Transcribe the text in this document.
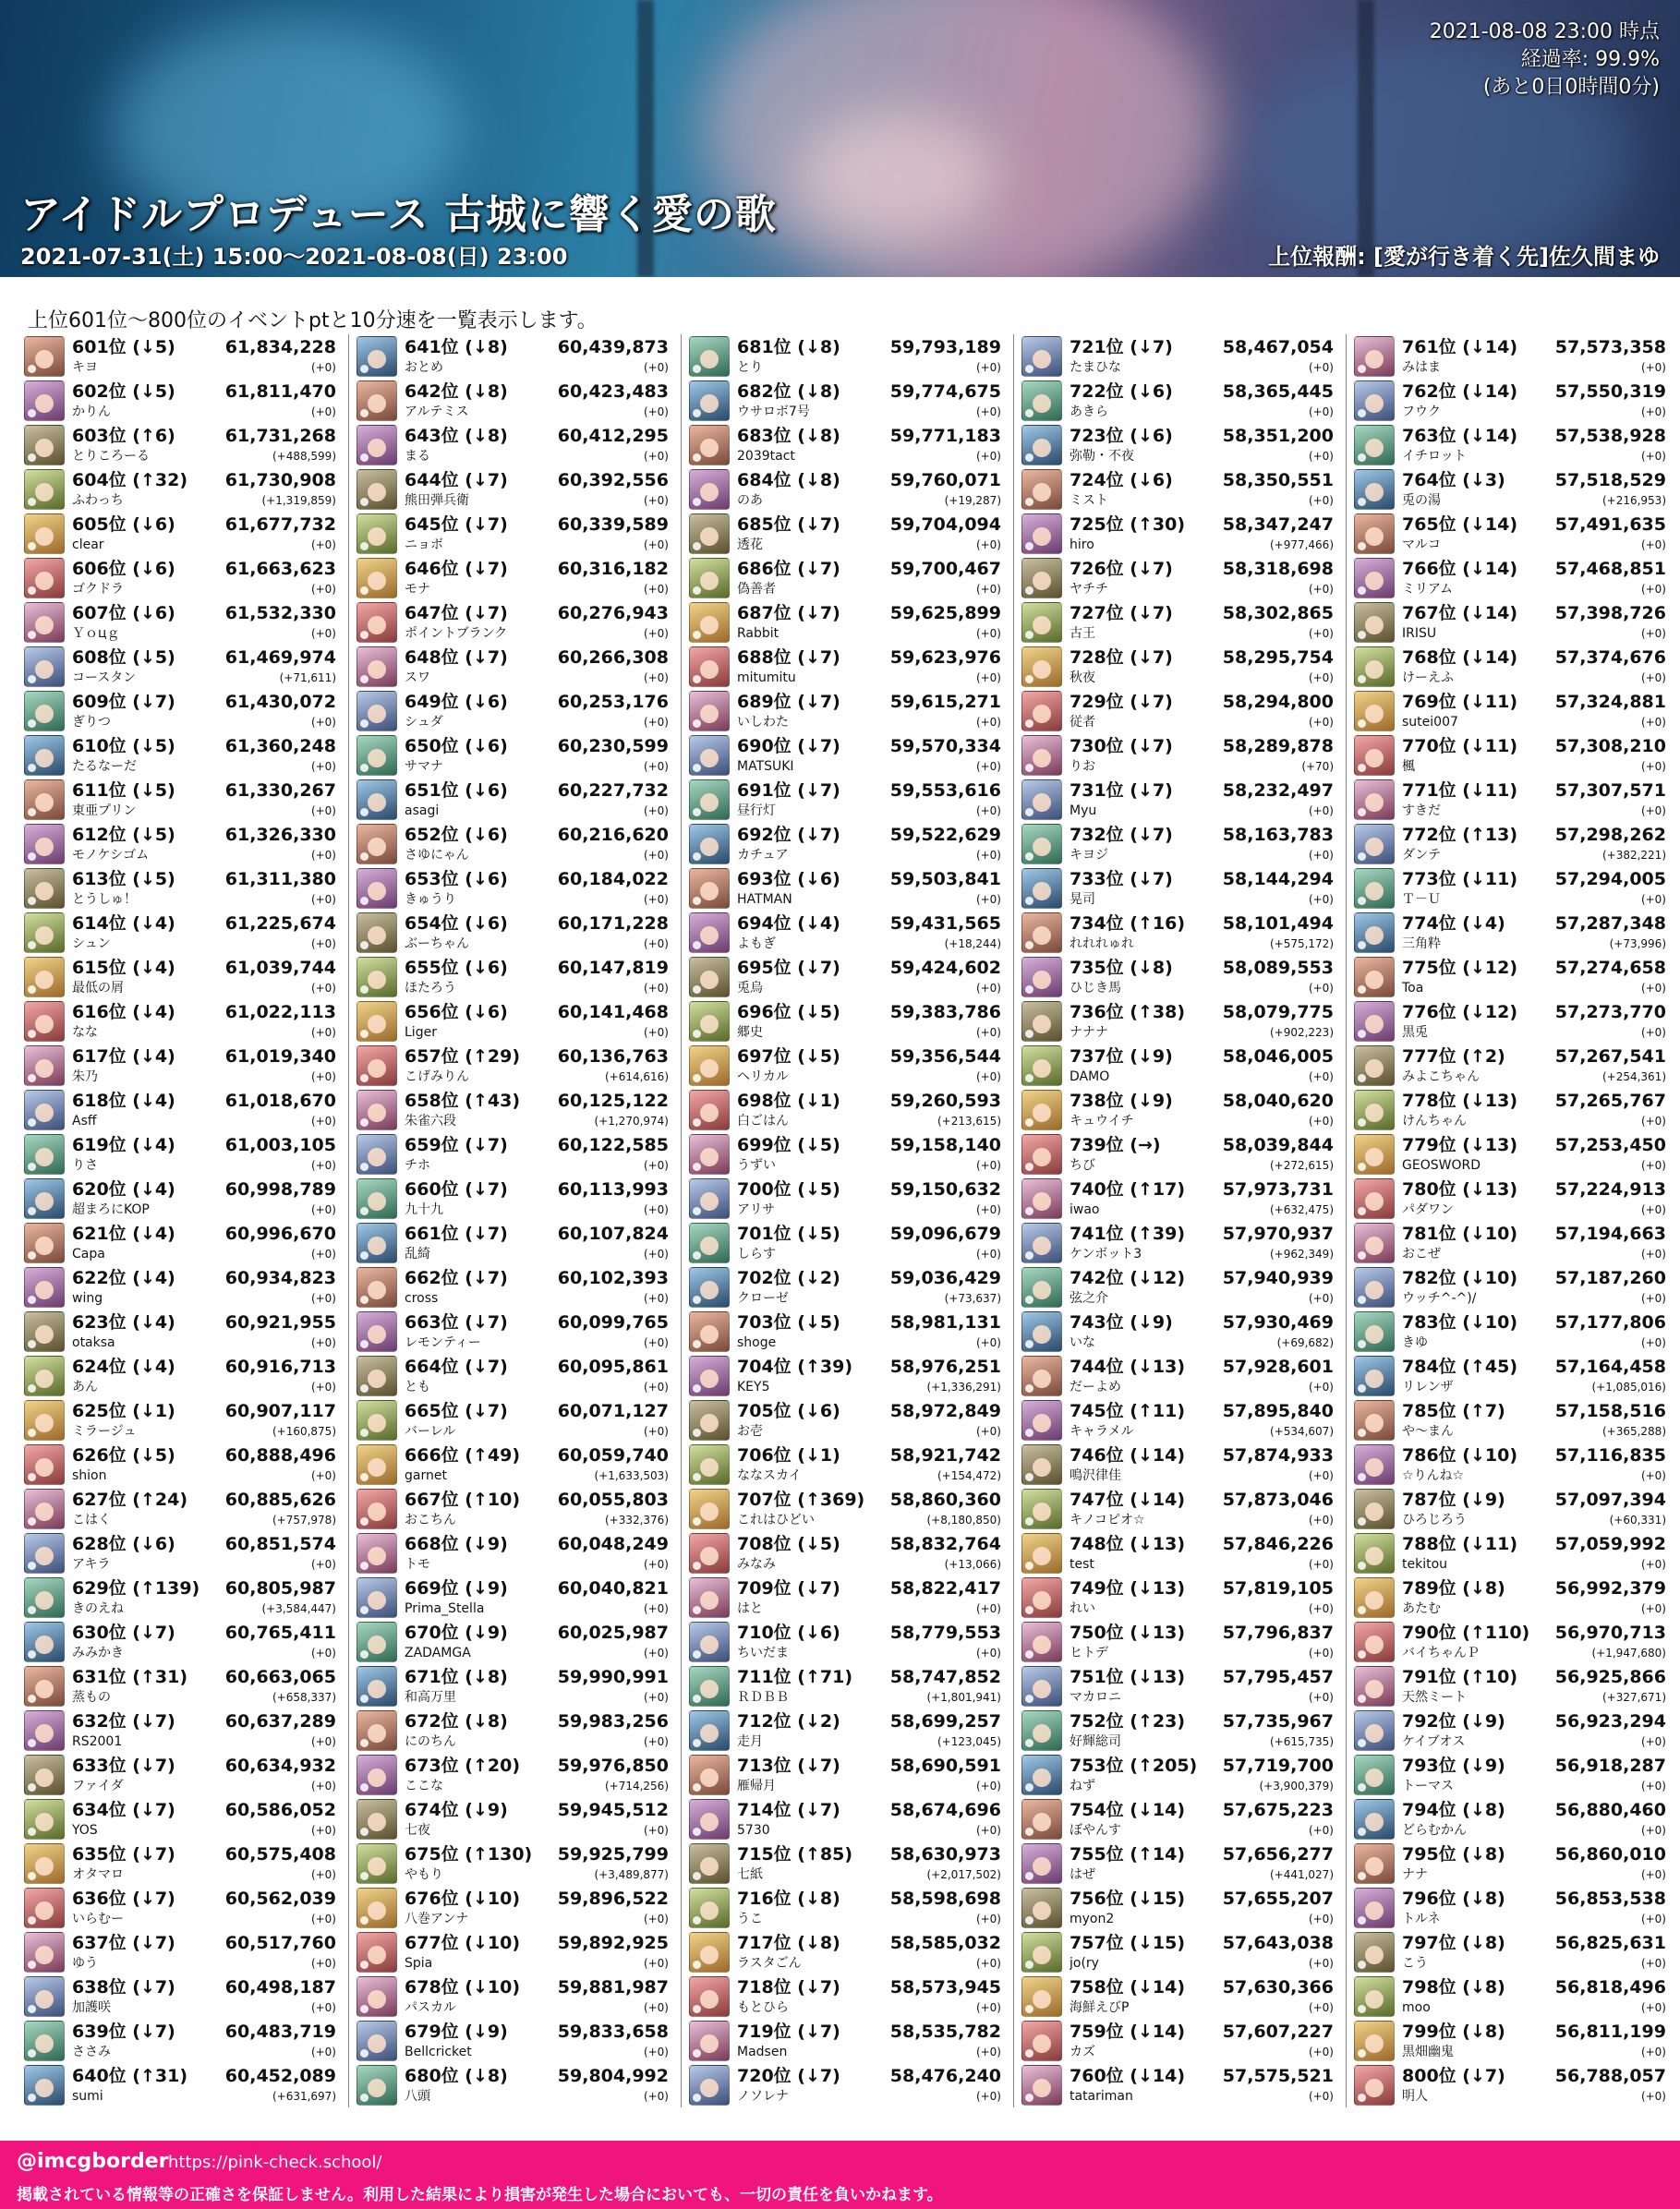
2021-08-08 23:00 時点
経過率: 99.9%
(あと0日0時間0分)
アイドルプロデュース 古城に響く愛の歌
2021-07-31(土) 15:00～2021-08-08(日) 23:00	上位報酬: [愛が行き着く先]佐久間まゆ
上位601位～800位のイベントptと10分速を一覧表示します。
601位 (↓5)	61,834,228
キヨ	(+0)
602位 (↓5)	61,811,470
かりん	(+0)
603位 (↑6)	61,731,268
とりころーる	(+488,599)
604位 (↑32) 61,730,908
ふわっち	(+1,319,859)
605位 (↓6)	61,677,732
clear	(+0)
606位 (↓6)	61,663,623
ゴクドラ	(+0)
607位 (↓6)	61,532,330
Ｙｏцｇ	(+0)
608位 (↓5)	61,469,974
コースタン	(+71,611)
609位 (↓7)	61,430,072
ぎりつ	(+0)
610位 (↓5)	61,360,248
たるなーだ	(+0)
611位 (↓5)	61,330,267
東亜プリン	(+0)
612位 (↓5)	61,326,330
モノケシゴム	(+0)
613位 (↓5)	61,311,380
とうしゅ！	(+0)
614位 (↓4)	61,225,674
シュン	(+0)
615位 (↓4)	61,039,744
最低の屑	(+0)
616位 (↓4)	61,022,113
なな	(+0)
617位 (↓4)	61,019,340
朱乃	(+0)
618位 (↓4)	61,018,670
Asff	(+0)
619位 (↓4)	61,003,105
りさ	(+0)
620位 (↓4)	60,998,789
超まろにKOP	(+0)
621位 (↓4)	60,996,670
Capa	(+0)
622位 (↓4)	60,934,823
wing	(+0)
623位 (↓4)	60,921,955
otaksa	(+0)
624位 (↓4)	60,916,713
あん	(+0)
625位 (↓1)	60,907,117
ミラージュ	(+160,875)
626位 (↓5)	60,888,496
shion	(+0)
627位 (↑24) 60,885,626
こはく	(+757,978)
628位 (↓6)	60,851,574
アキラ	(+0)
629位 (↑139) 60,805,987
きのえね	(+3,584,447)
630位 (↓7)	60,765,411
みみかき	(+0)
631位 (↑31) 60,663,065
蒸もの	(+658,337)
632位 (↓7)	60,637,289
RS2001	(+0)
633位 (↓7)	60,634,932
ファイダ	(+0)
634位 (↓7)	60,586,052
YOS	(+0)
635位 (↓7)	60,575,408
オタマロ	(+0)
636位 (↓7)	60,562,039
いらむー	(+0)
637位 (↓7)	60,517,760
ゆう	(+0)
638位 (↓7)	60,498,187
加護咲	(+0)
639位 (↓7)	60,483,719
ささみ	(+0)
640位 (↑31) 60,452,089
sumi	(+631,697)
641位 (↓8)	60,439,873
おとめ	(+0)
642位 (↓8)	60,423,483
アルテミス	(+0)
643位 (↓8)	60,412,295
まる	(+0)
644位 (↓7)	60,392,556
熊田弾兵衛	(+0)
645位 (↓7)	60,339,589
ニョボ	(+0)
646位 (↓7)	60,316,182
モナ	(+0)
647位 (↓7)	60,276,943
ポイントブランク	(+0)
648位 (↓7)	60,266,308
スワ	(+0)
649位 (↓6)	60,253,176
シュダ	(+0)
650位 (↓6)	60,230,599
サマナ	(+0)
651位 (↓6)	60,227,732
asagi	(+0)
652位 (↓6)	60,216,620
さゆにゃん	(+0)
653位 (↓6)	60,184,022
きゅうり	(+0)
654位 (↓6)	60,171,228
ぶーちゃん	(+0)
655位 (↓6)	60,147,819
ほたろう	(+0)
656位 (↓6)	60,141,468
Liger	(+0)
657位 (↑29) 60,136,763
こげみりん	(+614,616)
658位 (↑43) 60,125,122
朱雀六段	(+1,270,974)
659位 (↓7)	60,122,585
チホ	(+0)
660位 (↓7)	60,113,993
九十九	(+0)
661位 (↓7)	60,107,824
乱綺	(+0)
662位 (↓7)	60,102,393
cross	(+0)
663位 (↓7)	60,099,765
レモンティー	(+0)
664位 (↓7)	60,095,861
とも	(+0)
665位 (↓7)	60,071,127
バーレル	(+0)
666位 (↑49) 60,059,740
garnet	(+1,633,503)
667位 (↑10) 60,055,803
おこちん	(+332,376)
668位 (↓9)	60,048,249
トモ	(+0)
669位 (↓9)	60,040,821
Prima_Stella	(+0)
670位 (↓9)	60,025,987
ZADAMGA	(+0)
671位 (↓8)	59,990,991
和高万里	(+0)
672位 (↓8)	59,983,256
にのちん	(+0)
673位 (↑20) 59,976,850
ここな	(+714,256)
674位 (↓9)	59,945,512
七夜	(+0)
675位 (↑130) 59,925,799
やもり	(+3,489,877)
676位 (↓10) 59,896,522
八巻アンナ	(+0)
677位 (↓10) 59,892,925
Spia	(+0)
678位 (↓10) 59,881,987
パスカル	(+0)
679位 (↓9)	59,833,658
Bellcricket	(+0)
680位 (↓8)	59,804,992
八頭	(+0)
681位 (↓8)	59,793,189
とり	(+0)
682位 (↓8)	59,774,675
ウサロボ7号	(+0)
683位 (↓8)	59,771,183
2039tact	(+0)
684位 (↓8)	59,760,071
のあ	(+19,287)
685位 (↓7)	59,704,094
透花	(+0)
686位 (↓7)	59,700,467
偽善者	(+0)
687位 (↓7)	59,625,899
Rabbit	(+0)
688位 (↓7)	59,623,976
mitumitu	(+0)
689位 (↓7)	59,615,271
いしわた	(+0)
690位 (↓7)	59,570,334
MATSUKI	(+0)
691位 (↓7)	59,553,616
昼行灯	(+0)
692位 (↓7)	59,522,629
カチュア	(+0)
693位 (↓6)	59,503,841
HATMAN	(+0)
694位 (↓4)	59,431,565
よもぎ	(+18,244)
695位 (↓7)	59,424,602
兎烏	(+0)
696位 (↓5)	59,383,786
郷史	(+0)
697位 (↓5)	59,356,544
ヘリカル	(+0)
698位 (↓1)	59,260,593
白ごはん	(+213,615)
699位 (↓5)	59,158,140
うずい	(+0)
700位 (↓5)	59,150,632
アリサ	(+0)
701位 (↓5)	59,096,679
しらす	(+0)
702位 (↓2)	59,036,429
クローゼ	(+73,637)
703位 (↓5)	58,981,131
shoge	(+0)
704位 (↑39) 58,976,251
KEY5	(+1,336,291)
705位 (↓6)	58,972,849
お壱	(+0)
706位 (↓1)	58,921,742
ななスカイ	(+154,472)
707位 (↑369) 58,860,360
これはひどい	(+8,180,850)
708位 (↓5)	58,832,764
みなみ	(+13,066)
709位 (↓7)	58,822,417
はと	(+0)
710位 (↓6)	58,779,553
ちいだま	(+0)
711位 (↑71) 58,747,852
ＲＤＢＢ	(+1,801,941)
712位 (↓2)	58,699,257
走月	(+123,045)
713位 (↓7)	58,690,591
雁帰月	(+0)
714位 (↓7)	58,674,696
5730	(+0)
715位 (↑85) 58,630,973
七紙	(+2,017,502)
716位 (↓8)	58,598,698
うこ	(+0)
717位 (↓8)	58,585,032
ラスタごん	(+0)
718位 (↓7)	58,573,945
もとひら	(+0)
719位 (↓7)	58,535,782
Madsen	(+0)
720位 (↓7)	58,476,240
ノソレナ	(+0)
721位 (↓7)	58,467,054
たまひな	(+0)
722位 (↓6)	58,365,445
あきら	(+0)
723位 (↓6)	58,351,200
弥勒・不夜	(+0)
724位 (↓6)	58,350,551
ミスト	(+0)
725位 (↑30) 58,347,247
hiro	(+977,466)
726位 (↓7)	58,318,698
ヤチチ	(+0)
727位 (↓7)	58,302,865
古王	(+0)
728位 (↓7)	58,295,754
秋夜	(+0)
729位 (↓7)	58,294,800
従者	(+0)
730位 (↓7)	58,289,878
りお	(+70)
731位 (↓7)	58,232,497
Myu	(+0)
732位 (↓7)	58,163,783
キヨジ	(+0)
733位 (↓7)	58,144,294
晃司	(+0)
734位 (↑16) 58,101,494
れれれゅれ	(+575,172)
735位 (↓8)	58,089,553
ひじき馬	(+0)
736位 (↑38) 58,079,775
ナナナ	(+902,223)
737位 (↓9)	58,046,005
DAMO	(+0)
738位 (↓9)	58,040,620
キュウイチ	(+0)
739位 (→)	58,039,844
ちび	(+272,615)
740位 (↑17) 57,973,731
iwao	(+632,475)
741位 (↑39) 57,970,937
ケンボット3	(+962,349)
742位 (↓12) 57,940,939
弦之介	(+0)
743位 (↓9)	57,930,469
いな	(+69,682)
744位 (↓13) 57,928,601
だーよめ	(+0)
745位 (↑11) 57,895,840
キャラメル	(+534,607)
746位 (↓14) 57,874,933
鳴沢律佳	(+0)
747位 (↓14) 57,873,046
キノコピオ☆	(+0)
748位 (↓13) 57,846,226
test	(+0)
749位 (↓13) 57,819,105
れい	(+0)
750位 (↓13) 57,796,837
ヒトデ	(+0)
751位 (↓13) 57,795,457
マカロニ	(+0)
752位 (↑23) 57,735,967
好輝総司	(+615,735)
753位 (↑205) 57,719,700
ねず	(+3,900,379)
754位 (↓14) 57,675,223
ぼやんす	(+0)
755位 (↑14) 57,656,277
はぜ	(+441,027)
756位 (↓15) 57,655,207
myon2	(+0)
757位 (↓15) 57,643,038
jo(ry	(+0)
758位 (↓14) 57,630,366
海鮮えびP	(+0)
759位 (↓14) 57,607,227
カズ	(+0)
760位 (↓14) 57,575,521
tatariman	(+0)
761位 (↓14) 57,573,358
みはま	(+0)
762位 (↓14) 57,550,319
フウク	(+0)
763位 (↓14) 57,538,928
イチロット	(+0)
764位 (↓3)	57,518,529
兎の湯	(+216,953)
765位 (↓14) 57,491,635
マルコ	(+0)
766位 (↓14) 57,468,851
ミリアム	(+0)
767位 (↓14) 57,398,726
IRISU	(+0)
768位 (↓14) 57,374,676
けーえふ	(+0)
769位 (↓11) 57,324,881
sutei007	(+0)
770位 (↓11) 57,308,210
楓	(+0)
771位 (↓11) 57,307,571
すきだ	(+0)
772位 (↑13) 57,298,262
ダンテ	(+382,221)
773位 (↓11) 57,294,005
Ｔ－Ｕ	(+0)
774位 (↓4)	57,287,348
三角粋	(+73,996)
775位 (↓12) 57,274,658
Toa	(+0)
776位 (↓12) 57,273,770
黒兎	(+0)
777位 (↑2)	57,267,541
みよこちゃん	(+254,361)
778位 (↓13) 57,265,767
けんちゃん	(+0)
779位 (↓13) 57,253,450
GEOSWORD	(+0)
780位 (↓13) 57,224,913
パダワン	(+0)
781位 (↓10) 57,194,663
おこぜ	(+0)
782位 (↓10) 57,187,260
ウッチ^-^)/	(+0)
783位 (↓10) 57,177,806
きゆ	(+0)
784位 (↑45) 57,164,458
リレンザ	(+1,085,016)
785位 (↑7)	57,158,516
や～まん	(+365,288)
786位 (↓10) 57,116,835
☆りんね☆	(+0)
787位 (↓9)	57,097,394
ひろじろう	(+60,331)
788位 (↓11) 57,059,992
tekitou	(+0)
789位 (↓8)	56,992,379
あたむ	(+0)
790位 (↑110) 56,970,713
バイちゃんＰ	(+1,947,680)
791位 (↑10) 56,925,866
天然ミート	(+327,671)
792位 (↓9)	56,923,294
ケイブオス	(+0)
793位 (↓9)	56,918,287
トーマス	(+0)
794位 (↓8)	56,880,460
どらむかん	(+0)
795位 (↓8)	56,860,010
ナナ	(+0)
796位 (↓8)	56,853,538
トルネ	(+0)
797位 (↓8)	56,825,631
こう	(+0)
798位 (↓8)	56,818,496
moo	(+0)
799位 (↓8)	56,811,199
黒畑幽鬼	(+0)
800位 (↓7)	56,788,057
明人	(+0)
@imcgborder https://pink-check.school/
掲載されている情報等の正確さを保証しません。利用した結果により損害が発生した場合においても、一切の責任を負いかねます。
